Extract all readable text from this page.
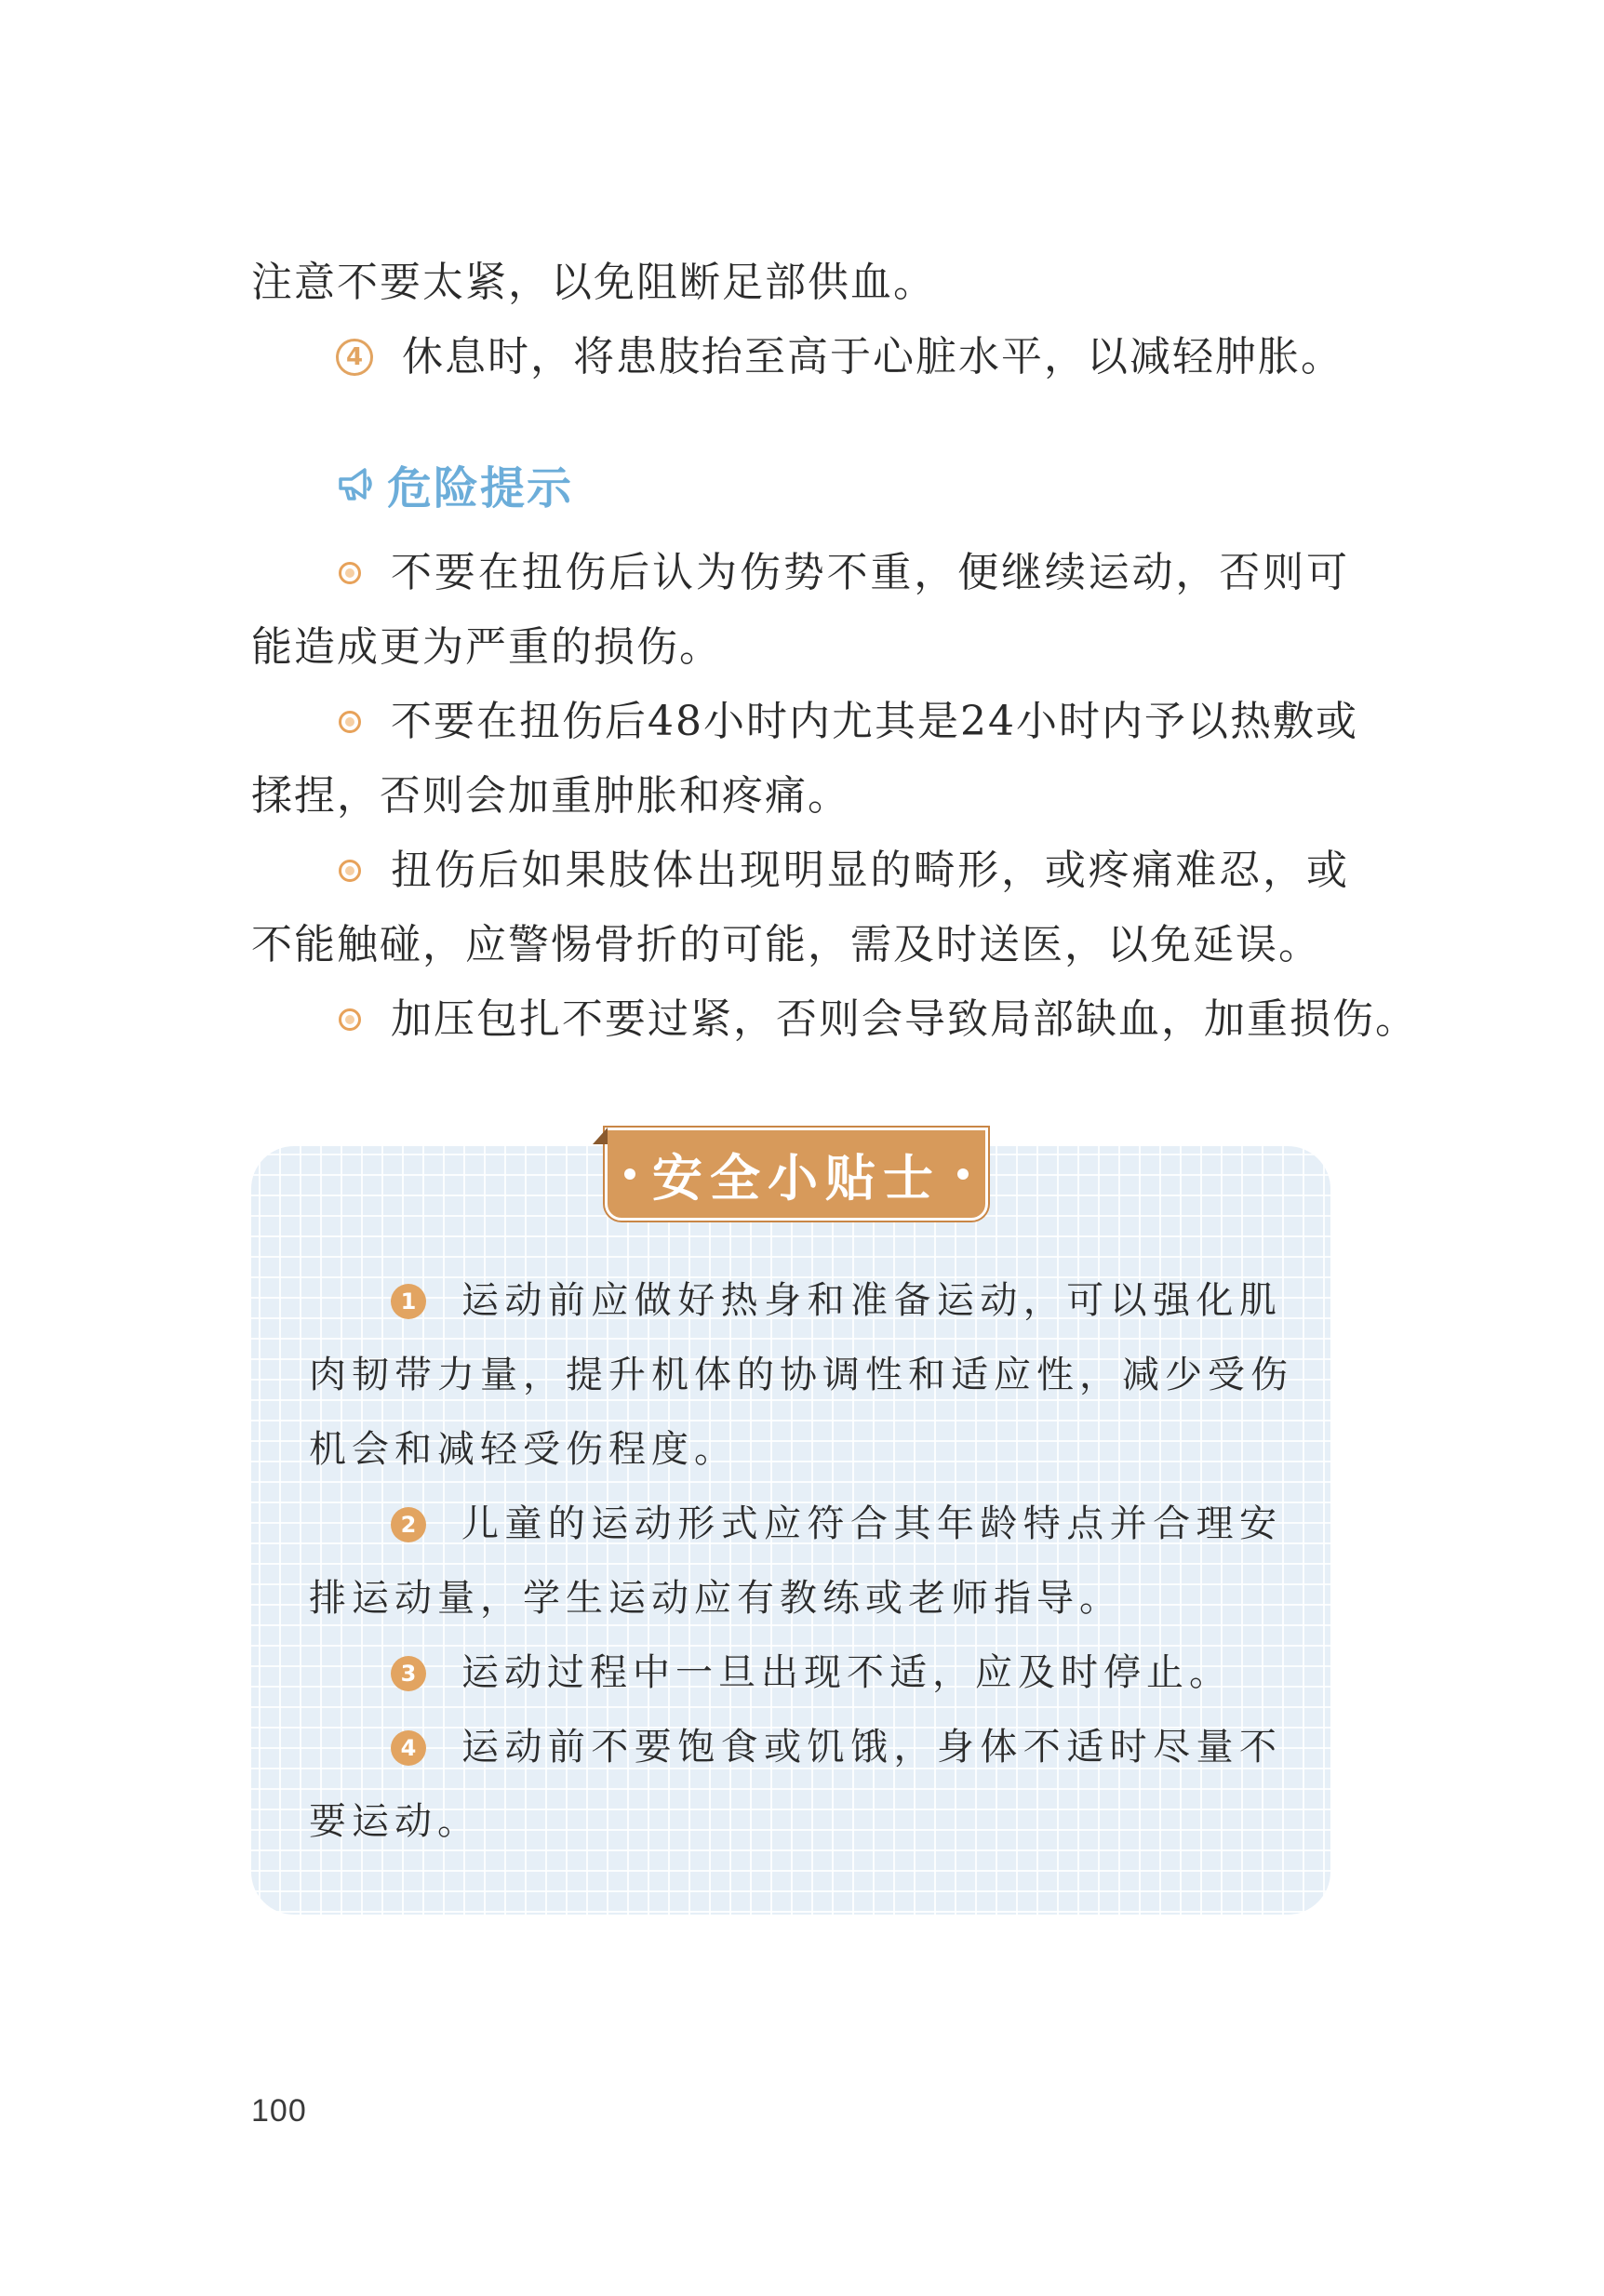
注意不要太紧，以免阻断足部供血。
4 休息时，将患肢抬至高于心脏水平，以减轻肿胀。
危险提示
不要在扭伤后认为伤势不重，便继续运动，否则可
能造成更为严重的损伤。
不要在扭伤后48小时内尤其是24小时内予以热敷或
揉捏，否则会加重肿胀和疼痛。
扭伤后如果肢体出现明显的畸形，或疼痛难忍，或
不能触碰，应警惕骨折的可能，需及时送医，以免延误。
加压包扎不要过紧，否则会导致局部缺血，加重损伤。
安全小贴士
1 运动前应做好热身和准备运动，可以强化肌
肉韧带力量，提升机体的协调性和适应性，减少受伤
机会和减轻受伤程度。
2 儿童的运动形式应符合其年龄特点并合理安
排运动量，学生运动应有教练或老师指导。
3 运动过程中一旦出现不适，应及时停止。
4 运动前不要饱食或饥饿，身体不适时尽量不
要运动。
100
